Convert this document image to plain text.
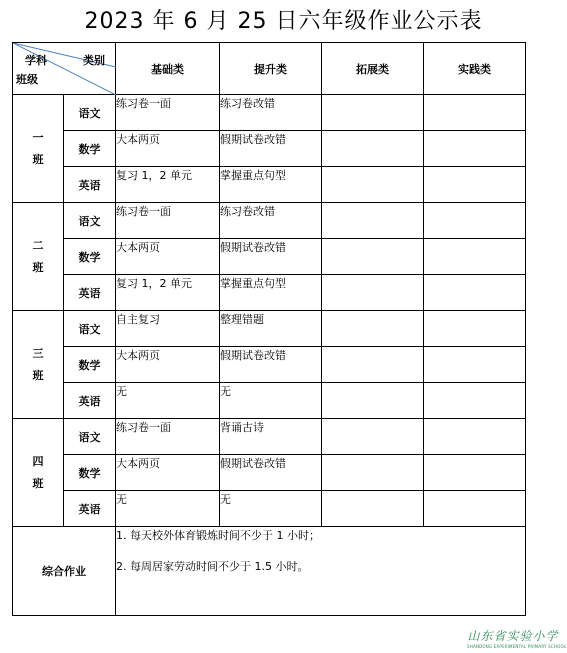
2023 年 6 月 25 日六年级作业公示表
学科 类别
班级		基础类	提升类	拓展类	实践类

一
班	语文	练习卷一面	练习卷改错		
	数学	大本两页	假期试卷改错		
	英语	复习 1，2 单元	掌握重点句型		

二
班	语文	练习卷一面	练习卷改错		
	数学	大本两页	假期试卷改错		
	英语	复习 1，2 单元	掌握重点句型		

三
班	语文	自主复习	整理错题		
	数学	大本两页	假期试卷改错		
	英语	无	无		

四
班	语文	练习卷一面	背诵古诗		
	数学	大本两页	假期试卷改错		
	英语	无	无		
综合作业		1. 每天校外体育锻炼时间不少于 1 小时；

2. 每周居家劳动时间不少于 1.5 小时。			

山东省实验小学
SHANDONG EXPERIMENTAL PRIMARY SCHOOL
